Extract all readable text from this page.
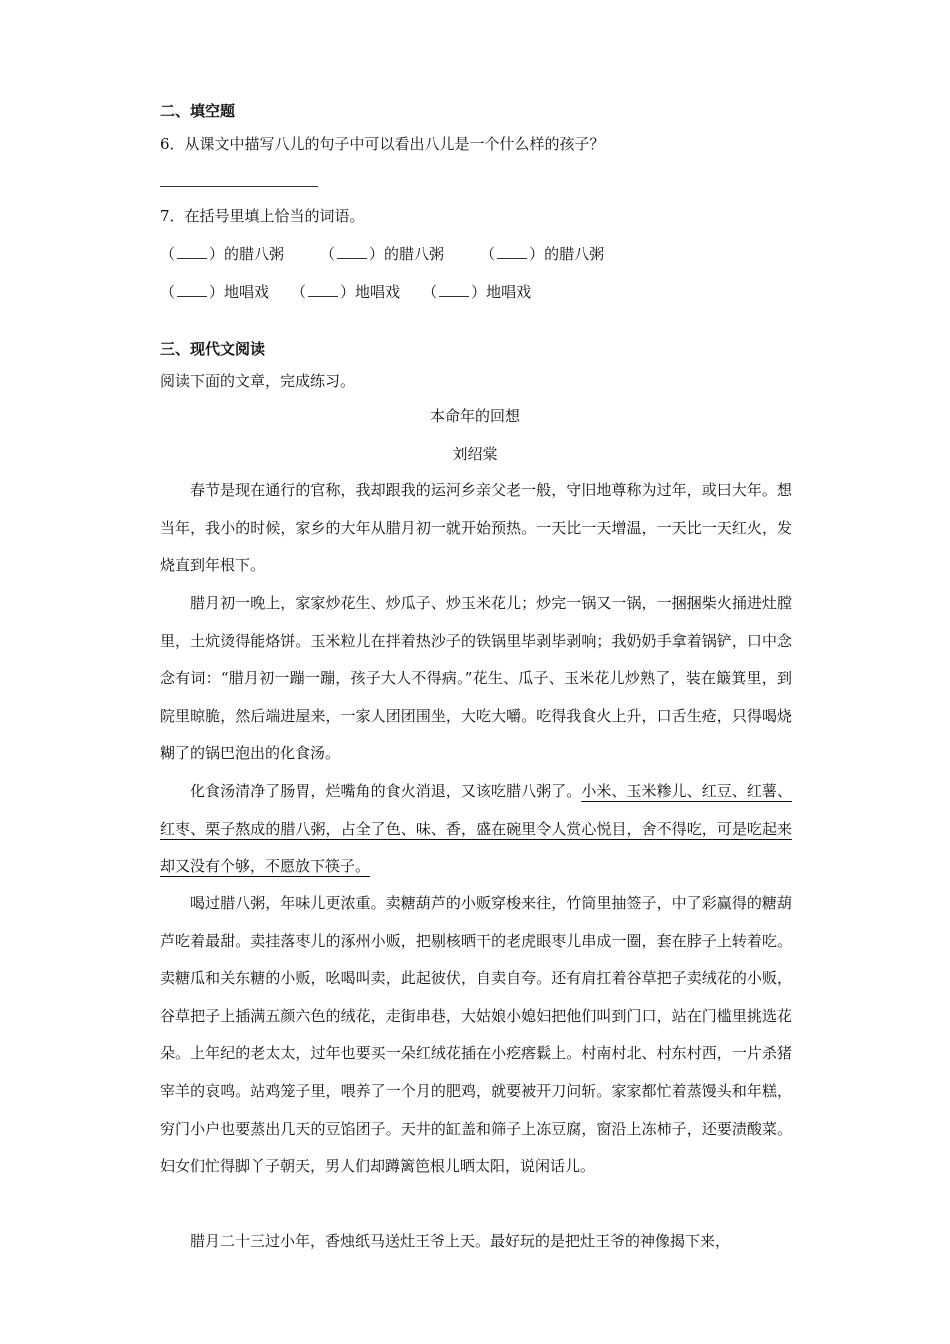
二、填空题
6．从课文中描写八儿的句子中可以看出八儿是一个什么样的孩子？
7．在括号里填上恰当的词语。
（ ）的腊八粥 （ ）的腊八粥 （ ）的腊八粥
（ ）地唱戏 （ ）地唱戏 （ ）地唱戏
三、现代文阅读
阅读下面的文章，完成练习。
本命年的回想
刘绍棠

春节是现在通行的官称，我却跟我的运河乡亲父老一般，守旧地尊称为过年，或曰大年。想当年，我小的时候，家乡的大年从腊月初一就开始预热。一天比一天增温，一天比一天红火，发烧直到年根下。

腊月初一晚上，家家炒花生、炒瓜子、炒玉米花儿；炒完一锅又一锅，一捆捆柴火捅进灶膛里，土炕烫得能烙饼。玉米粒儿在拌着热沙子的铁锅里毕剥毕剥响；我奶奶手拿着锅铲，口中念念有词：“腊月初一蹦一蹦，孩子大人不得病。”花生、瓜子、玉米花儿炒熟了，装在簸箕里，到院里晾脆，然后端进屋来，一家人团团围坐，大吃大嚼。吃得我食火上升，口舌生疮，只得喝烧糊了的锅巴泡出的化食汤。

化食汤清净了肠胃，烂嘴角的食火消退，又该吃腊八粥了。小米、玉米糁儿、红豆、红薯、红枣、栗子熬成的腊八粥，占全了色、味、香，盛在碗里令人赏心悦目，舍不得吃，可是吃起来却又没有个够，不愿放下筷子。

喝过腊八粥，年味儿更浓重。卖糖葫芦的小贩穿梭来往，竹筒里抽签子，中了彩赢得的糖葫芦吃着最甜。卖挂落枣儿的涿州小贩，把剔核晒干的老虎眼枣儿串成一圈，套在脖子上转着吃。卖糖瓜和关东糖的小贩，吆喝叫卖，此起彼伏，自卖自夸。还有肩扛着谷草把子卖绒花的小贩，谷草把子上插满五颜六色的绒花，走街串巷，大姑娘小媳妇把他们叫到门口，站在门槛里挑选花朵。上年纪的老太太，过年也要买一朵红绒花插在小疙瘩鬏上。村南村北、村东村西，一片杀猪宰羊的哀鸣。站鸡笼子里，喂养了一个月的肥鸡，就要被开刀问斩。家家都忙着蒸馒头和年糕，穷门小户也要蒸出几天的豆馅团子。天井的缸盖和筛子上冻豆腐，窗沿上冻柿子，还要渍酸菜。妇女们忙得脚丫子朝天，男人们却蹲篱笆根儿晒太阳，说闲话儿。

腊月二十三过小年，香烛纸马送灶王爷上天。最好玩的是把灶王爷的神像揭下来，
